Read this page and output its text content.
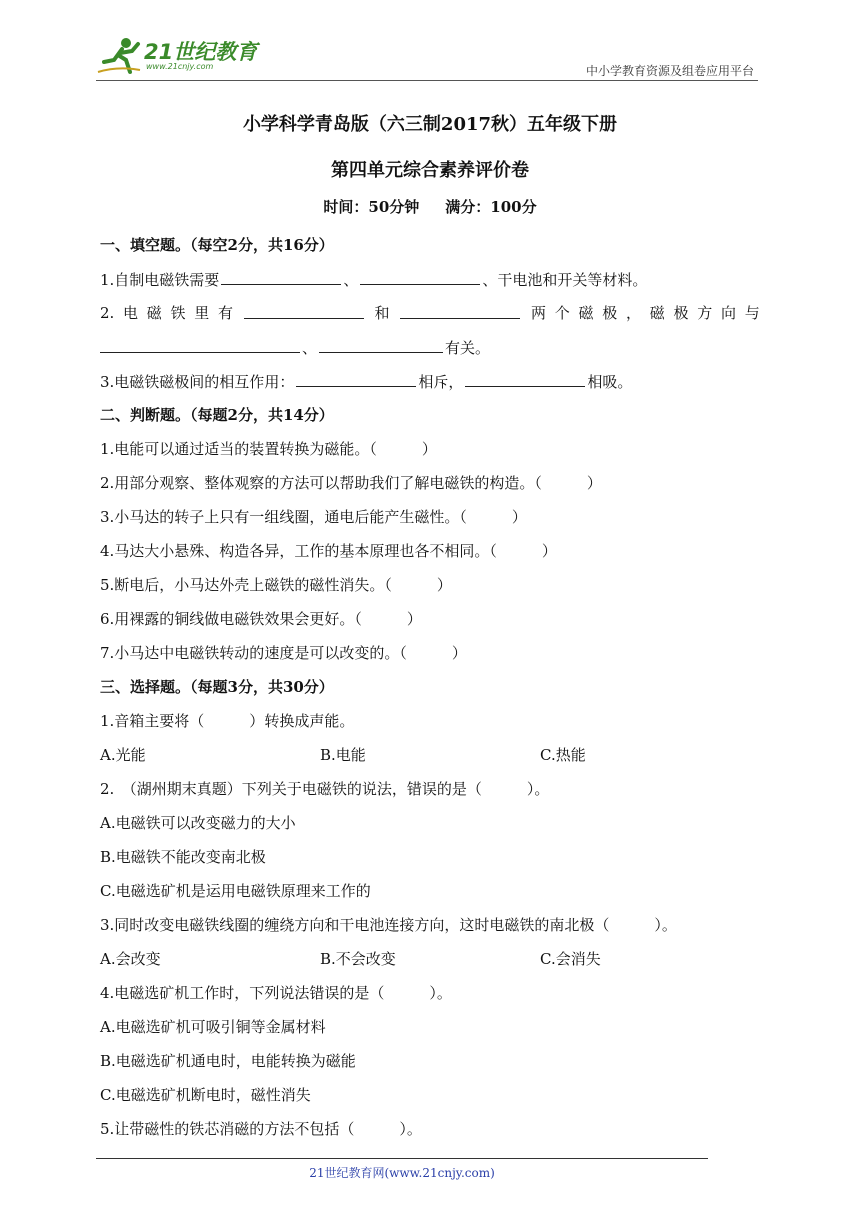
21世纪教育
www.21cnjy.com	中小学教育资源及组卷应用平台
小学科学青岛版（六三制2017秋）五年级下册
第四单元综合素养评价卷
时间：50分钟 满分：100分
一、填空题。（每空2分，共16分）
1.自制电磁铁需要	、	、干电池和开关等材料。
2. 电 磁 铁 里 有	和	两 个 磁 极 ， 磁 极 方 向 与
、	有关。
3.电磁铁磁极间的相互作用：	相斥，	相吸。
二、判断题。（每题2分，共14分）
1.电能可以通过适当的装置转换为磁能。（　　　）
2.用部分观察、整体观察的方法可以帮助我们了解电磁铁的构造。（　　　）
3.小马达的转子上只有一组线圈，通电后能产生磁性。（　　　）
4.马达大小悬殊、构造各异，工作的基本原理也各不相同。（　　　）
5.断电后，小马达外壳上磁铁的磁性消失。（　　　）
6.用裸露的铜线做电磁铁效果会更好。（　　　）
7.小马达中电磁铁转动的速度是可以改变的。（　　　）
三、选择题。（每题3分，共30分）
1.音箱主要将（　　　）转换成声能。
A.光能	B.电能	C.热能
2.　（湖州期末真题）下列关于电磁铁的说法，错误的是（　　　）。
A.电磁铁可以改变磁力的大小
B.电磁铁不能改变南北极
C.电磁选矿机是运用电磁铁原理来工作的
3.同时改变电磁铁线圈的缠绕方向和干电池连接方向，这时电磁铁的南北极（　　　）。
A.会改变	B.不会改变	C.会消失
4.电磁选矿机工作时，下列说法错误的是（　　　）。
A.电磁选矿机可吸引铜等金属材料
B.电磁选矿机通电时，电能转换为磁能
C.电磁选矿机断电时，磁性消失
5.让带磁性的铁芯消磁的方法不包括（　　　）。
21世纪教育网(www.21cnjy.com)
